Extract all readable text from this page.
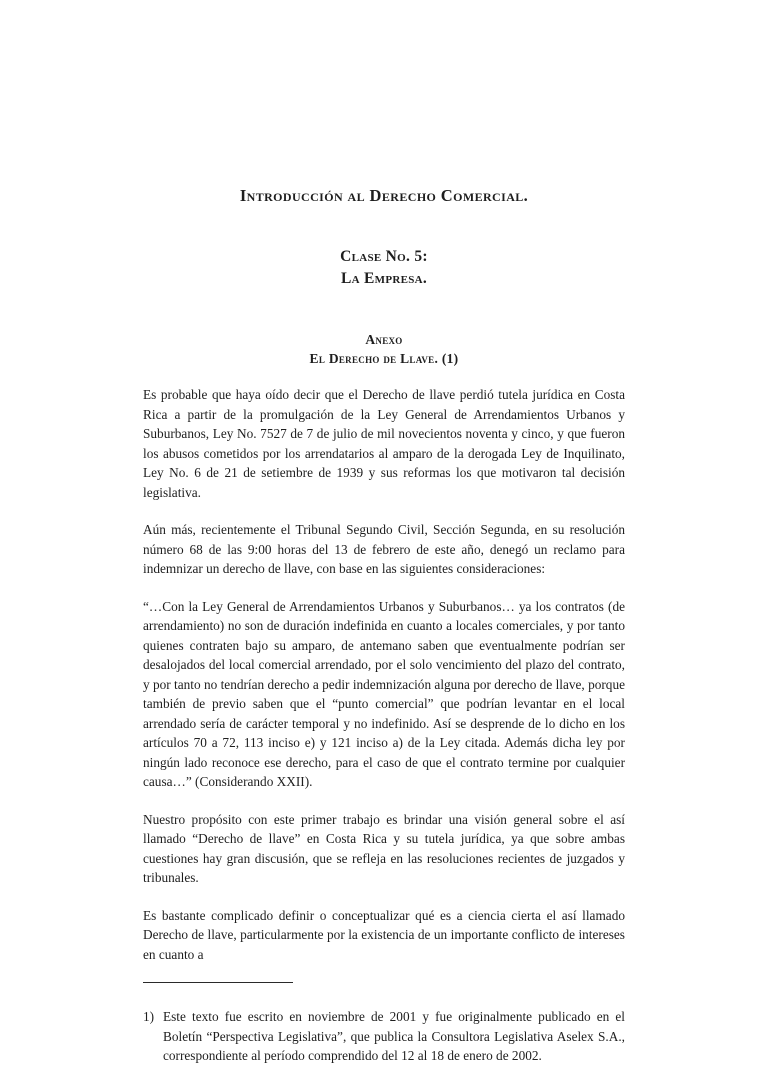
Introducción al Derecho Comercial.
Clase No. 5:
La Empresa.
Anexo
El Derecho de Llave. (1)

Es probable que haya oído decir que el Derecho de llave perdió tutela jurídica en Costa Rica a partir de la promulgación de la Ley General de Arrendamientos Urbanos y Suburbanos, Ley No. 7527 de 7 de julio de mil novecientos noventa y cinco, y que fueron los abusos cometidos por los arrendatarios al amparo de la derogada Ley de Inquilinato, Ley No. 6 de 21 de setiembre de 1939 y sus reformas los que motivaron tal decisión legislativa.

Aún más, recientemente el Tribunal Segundo Civil, Sección Segunda, en su resolución número 68 de las 9:00 horas del 13 de febrero de este año, denegó un reclamo para indemnizar un derecho de llave, con base en las siguientes consideraciones:

“…Con la Ley General de Arrendamientos Urbanos y Suburbanos… ya los contratos (de arrendamiento) no son de duración indefinida en cuanto a locales comerciales, y por tanto quienes contraten bajo su amparo, de antemano saben que eventualmente podrían ser desalojados del local comercial arrendado, por el solo vencimiento del plazo del contrato, y por tanto no tendrían derecho a pedir indemnización alguna por derecho de llave, porque también de previo saben que el “punto comercial” que podrían levantar en el local arrendado sería de carácter temporal y no indefinido. Así se desprende de lo dicho en los artículos 70 a 72, 113 inciso e) y 121 inciso a) de la Ley citada. Además dicha ley por ningún lado reconoce ese derecho, para el caso de que el contrato termine por cualquier causa…” (Considerando XXII).

Nuestro propósito con este primer trabajo es brindar una visión general sobre el así llamado “Derecho de llave” en Costa Rica y su tutela jurídica, ya que sobre ambas cuestiones hay gran discusión, que se refleja en las resoluciones recientes de juzgados y tribunales.

Es bastante complicado definir o conceptualizar qué es a ciencia cierta el así llamado Derecho de llave, particularmente por la existencia de un importante conflicto de intereses en cuanto a

1) Este texto fue escrito en noviembre de 2001 y fue originalmente publicado en el Boletín “Perspectiva Legislativa”, que publica la Consultora Legislativa Aselex S.A., correspondiente al período comprendido del 12 al 18 de enero de 2002.
